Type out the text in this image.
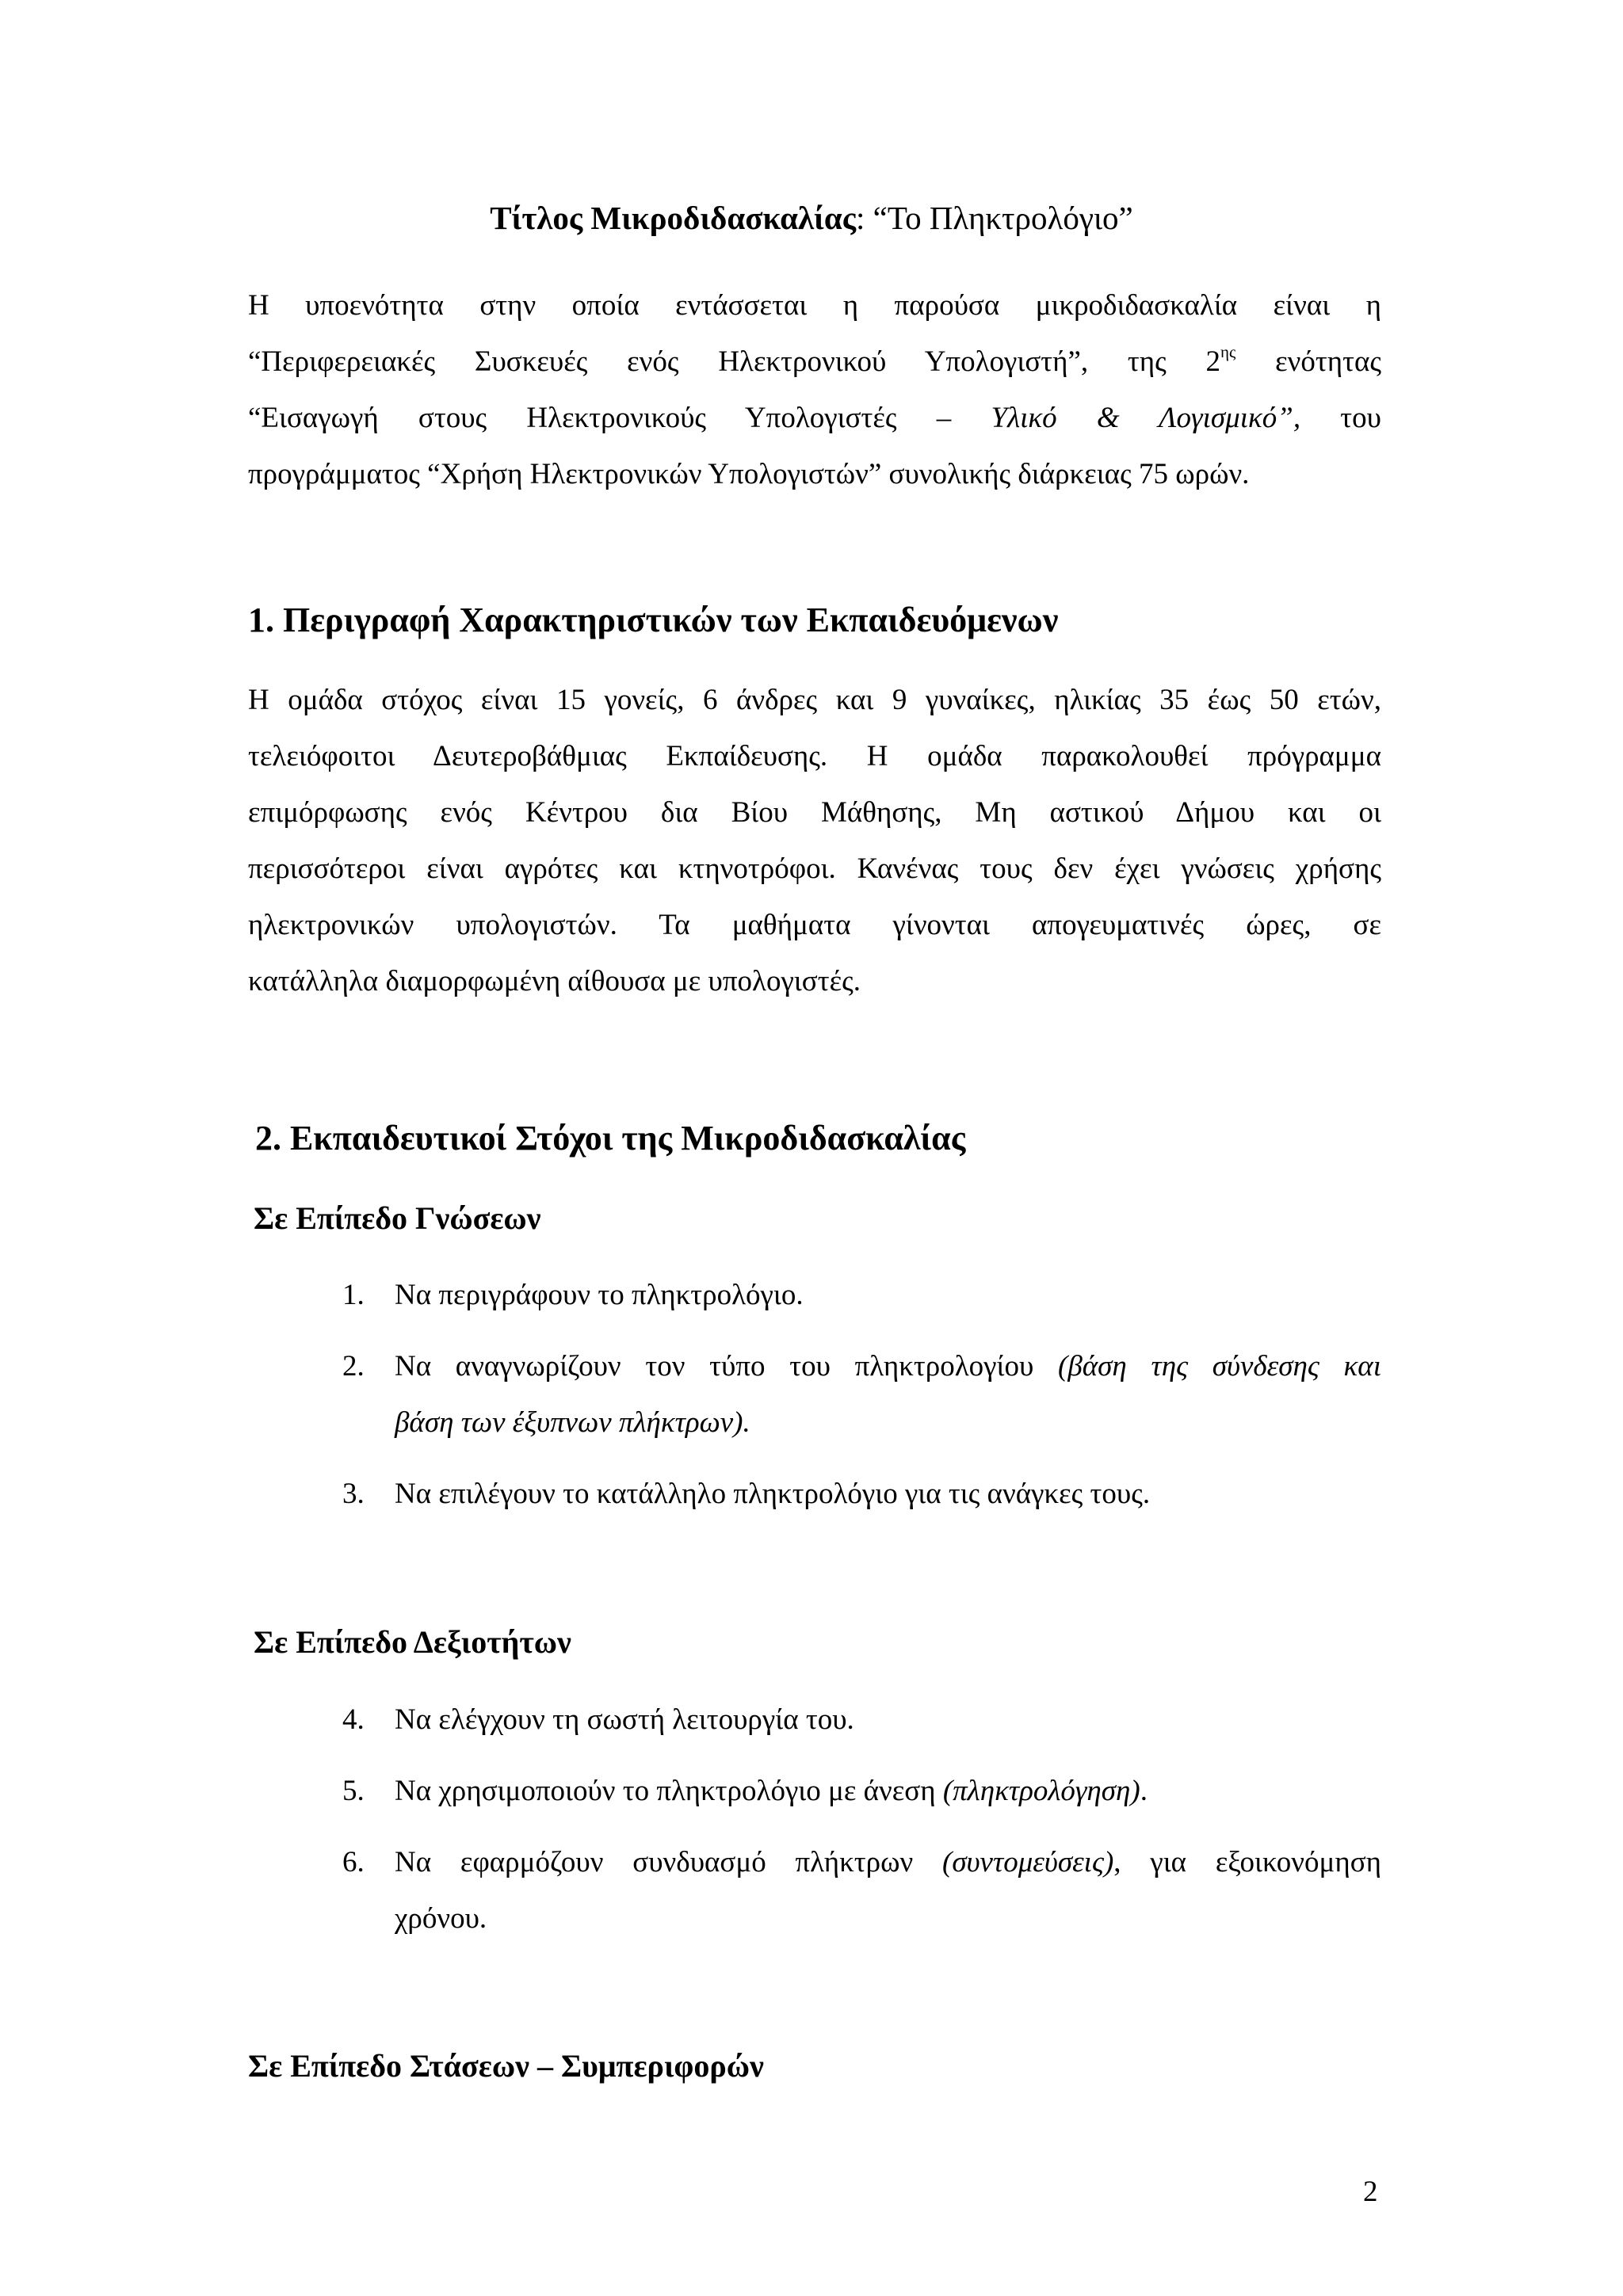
Τίτλος Μικροδιδασκαλίας: “Το Πληκτρολόγιο”
Η υποενότητα στην οποία εντάσσεται η παρούσα μικροδιδασκαλία είναι η
“Περιφερειακές Συσκευές ενός Ηλεκτρονικού Υπολογιστή”, της $2^{\eta\varsigma}$ ενότητας
“Εισαγωγή στους Ηλεκτρονικούς Υπολογιστές – Υλικό & Λογισμικό”, του
προγράμματος “Χρήση Ηλεκτρονικών Υπολογιστών” συνολικής διάρκειας 75 ωρών.
1. Περιγραφή Χαρακτηριστικών των Εκπαιδευόμενων
Η ομάδα στόχος είναι 15 γονείς, 6 άνδρες και 9 γυναίκες, ηλικίας 35 έως 50 ετών,
τελειόφοιτοι Δευτεροβάθμιας Εκπαίδευσης. Η ομάδα παρακολουθεί πρόγραμμα
επιμόρφωσης ενός Κέντρου δια Βίου Μάθησης, Μη αστικού Δήμου και οι
περισσότεροι είναι αγρότες και κτηνοτρόφοι. Κανένας τους δεν έχει γνώσεις χρήσης
ηλεκτρονικών υπολογιστών. Τα μαθήματα γίνονται απογευματινές ώρες, σε
κατάλληλα διαμορφωμένη αίθουσα με υπολογιστές.
2. Εκπαιδευτικοί Στόχοι της Μικροδιδασκαλίας
Σε Επίπεδο Γνώσεων
1. Να περιγράφουν το πληκτρολόγιο.
2. Να αναγνωρίζουν τον τύπο του πληκτρολογίου (βάση της σύνδεσης και
βάση των έξυπνων πλήκτρων).
3. Να επιλέγουν το κατάλληλο πληκτρολόγιο για τις ανάγκες τους.
Σε Επίπεδο Δεξιοτήτων
4. Να ελέγχουν τη σωστή λειτουργία του.
5. Να χρησιμοποιούν το πληκτρολόγιο με άνεση (πληκτρολόγηση).
6. Να εφαρμόζουν συνδυασμό πλήκτρων (συντομεύσεις), για εξοικονόμηση
χρόνου.
Σε Επίπεδο Στάσεων – Συμπεριφορών
2
